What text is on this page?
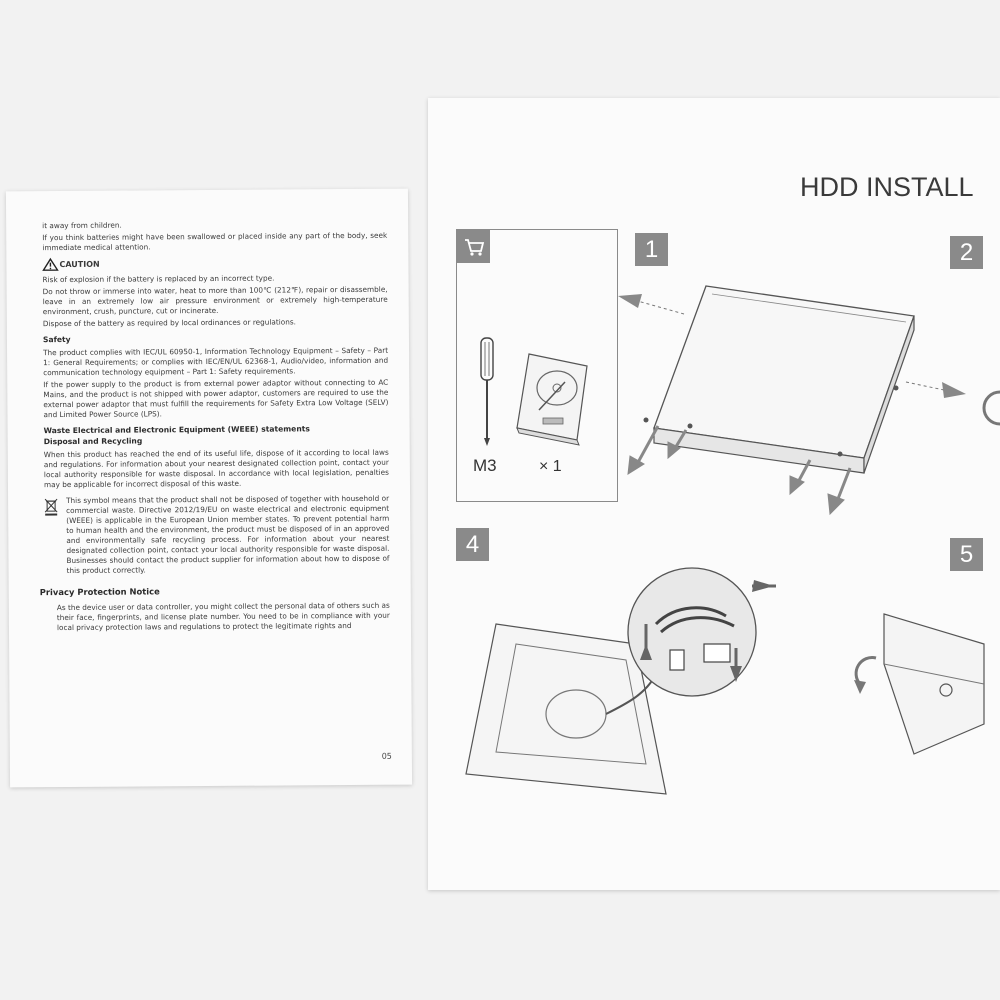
it away from children.

If you think batteries might have been swallowed or placed inside any part of the body, seek immediate medical attention.

CAUTION

Risk of explosion if the battery is replaced by an incorrect type.

Do not throw or immerse into water, heat to more than 100℃ (212℉), repair or disassemble, leave in an extremely low air pressure environment or extremely high-temperature environment, crush, puncture, cut or incinerate.

Dispose of the battery as required by local ordinances or regulations.

Safety

The product complies with IEC/UL 60950-1, Information Technology Equipment – Safety – Part 1: General Requirements; or complies with IEC/EN/UL 62368-1, Audio/video, information and communication technology equipment – Part 1: Safety requirements.

If the power supply to the product is from external power adaptor without connecting to AC Mains, and the product is not shipped with power adaptor, customers are required to use the external power adaptor that must fulfill the requirements for Safety Extra Low Voltage (SELV) and Limited Power Source (LPS).

Waste Electrical and Electronic Equipment (WEEE) statements
Disposal and Recycling

When this product has reached the end of its useful life, dispose of it according to local laws and regulations. For information about your nearest designated collection point, contact your local authority responsible for waste disposal. In accordance with local legislation, penalties may be applicable for incorrect disposal of this waste.

This symbol means that the product shall not be disposed of together with household or commercial waste. Directive 2012/19/EU on waste electrical and electronic equipment (WEEE) is applicable in the European Union member states. To prevent potential harm to human health and the environment, the product must be disposed of in an approved and environmentally safe recycling process. For information about your nearest designated collection point, contact your local authority responsible for waste disposal. Businesses should contact the product supplier for information about how to dispose of this product correctly.

Privacy Protection Notice

As the device user or data controller, you might collect the personal data of others such as their face, fingerprints, and license plate number. You need to be in compliance with your local privacy protection laws and regulations to protect the legitimate rights and

05
HDD INSTALL
M3	× 1
1	2
4	5
